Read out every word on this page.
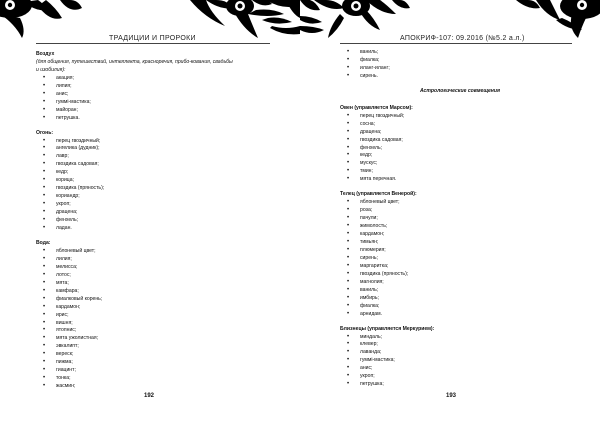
ТРАДИЦИИ И ПРОРОКИ
Воздух
(для общения, путешествий, интеллекта, красноречия, прибо-кования, свадьбы
и изобилия):
• акация;
• липия;
• анис;
• гуммі-мастика;
• майоран;
• петрушка.
Огонь:
• перец гвоздичный;
• ангелика (дудник);
• лавр;
• гвоздика садовая;
• кедр;
• корица;
• гвоздика (пряность);
• кориандр;
• укроп;
• драцена;
• фенхель;
• ладан.
Вода:
• яблоневый цвет;
• лилия;
• мелисса;
• лотос;
• мята;
• камфара;
• фиалковый корень;
• кардамон;
• ирис;
• вишня;
• ятопнис;
• мята ужолистная;
• эвкалипт;
• вереск;
• пижма;
• гиацинт;
• тонка;
• жасмин;
192
АПОКРИФ-107: 09.2016 (№5.2 а.л.)
• ваниль;
• фиалка;
• иланг-иланг;
• сирень.
Астрологические совмещения
Овен (управляется Марсом):
• перец гвоздичный;
• сосна;
• драцена;
• гвоздика садовая;
• фенхель;
• кедр;
• мускус;
• тмин;
• мята перечная.
Телец (управляется Венерой):
• яблоневый цвет;
• роза;
• пачули;
• жимолость;
• кардамон;
• тимьян;
• плюмерия;
• сирень;
• маргаритка;
• гвоздика (пряность);
• магнолия;
• ваниль;
• имбирь;
• фиалка;
• арнидам.
Близнецы (управляется Меркурием):
• миндаль;
• клевер;
• лаванда;
• гуммі-мастика;
• анис;
• укроп;
• петрушка;
193
